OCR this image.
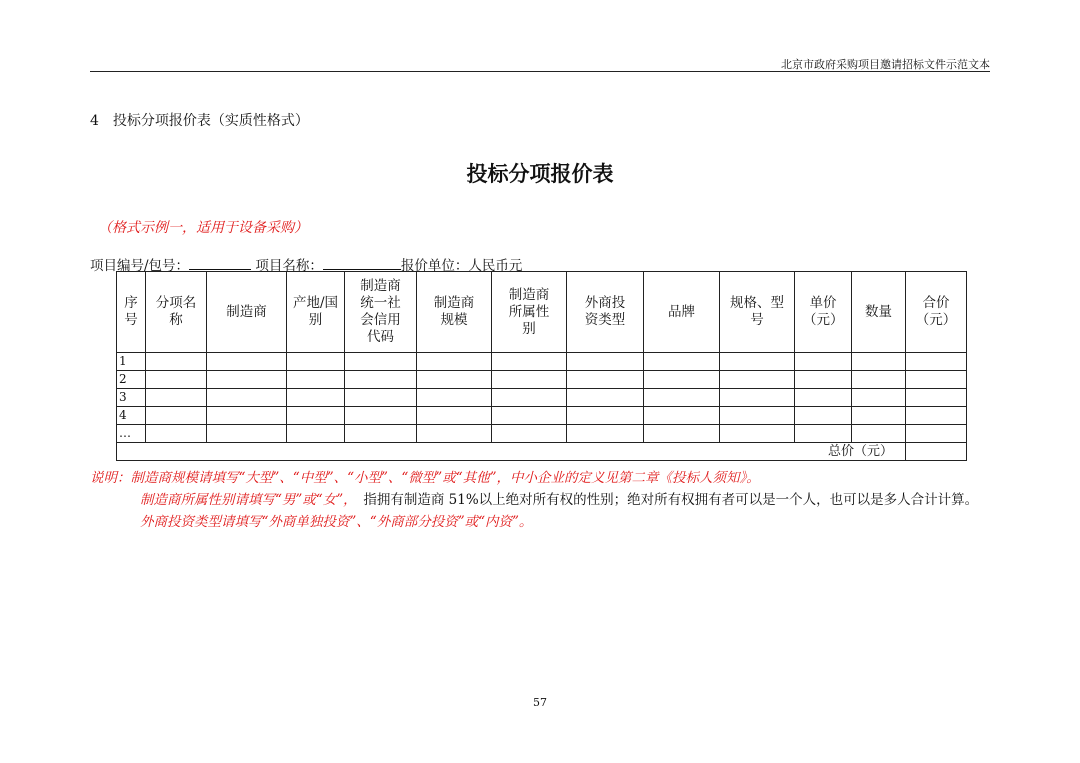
北京市政府采购项目邀请招标文件示范文本
4　投标分项报价表（实质性格式）
投标分项报价表
（格式示例一，适用于设备采购）
项目编号/包号：	项目名称：	报价单位：人民币元
序号	分项名称	制造商	产地/国别	制造商统一社会信用代码	制造商规模	制造商所属性别	外商投资类型	品牌	规格、型号	单价（元）	数量	合价（元）
1												
2												
3												
4												
…												
总价（元）												

说明：制造商规模请填写“大型”、“中型”、“小型”、“微型”或“其他”，中小企业的定义见第二章《投标人须知》。

制造商所属性别请填写“男”或“女”，　 指拥有制造商 51%以上绝对所有权的性别；绝对所有权拥有者可以是一个人，也可以是多人合计计算。

外商投资类型请填写“外商单独投资”、“外商部分投资”或“内资”。

57
